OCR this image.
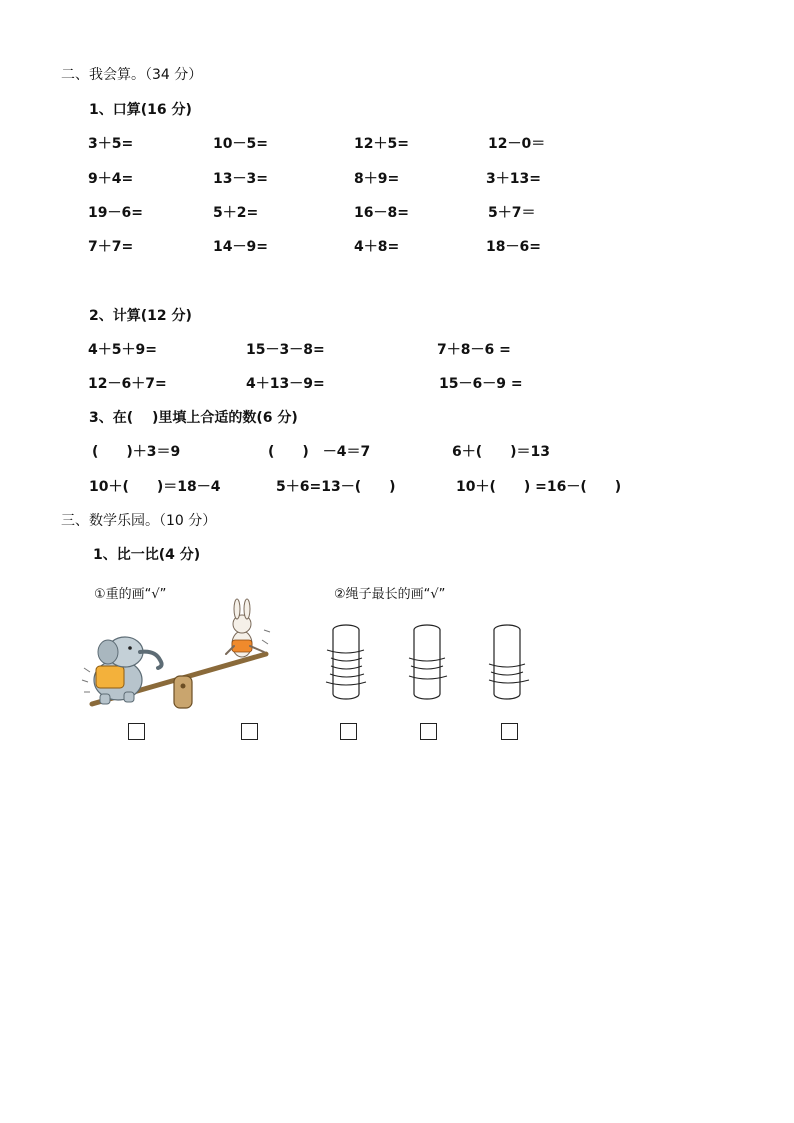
二、我会算。（34 分）
1、口算(16 分)
3＋5=	10－5=	12＋5=	12－0＝
9＋4=	13－3=	8＋9=	3＋13=
19－6=	5＋2=	16－8=	5＋7＝
7＋7=	14－9=	4＋8=	18－6=
2、计算(12 分)
4＋5＋9=	15－3－8=	7＋8－6 =
12－6＋7=	4＋13－9=	15－6－9 =
3、在(　 )里填上合适的数(6 分)
(　　)＋3＝9	(　　)　－4＝7	6＋(　　)＝13
10＋(　　)＝18－4	5＋6=13－(　　)	10＋(　　) =16－(　　)
三、数学乐园。（10 分）
1、比一比(4 分)
①重的画“√”	②绳子最长的画“√”
